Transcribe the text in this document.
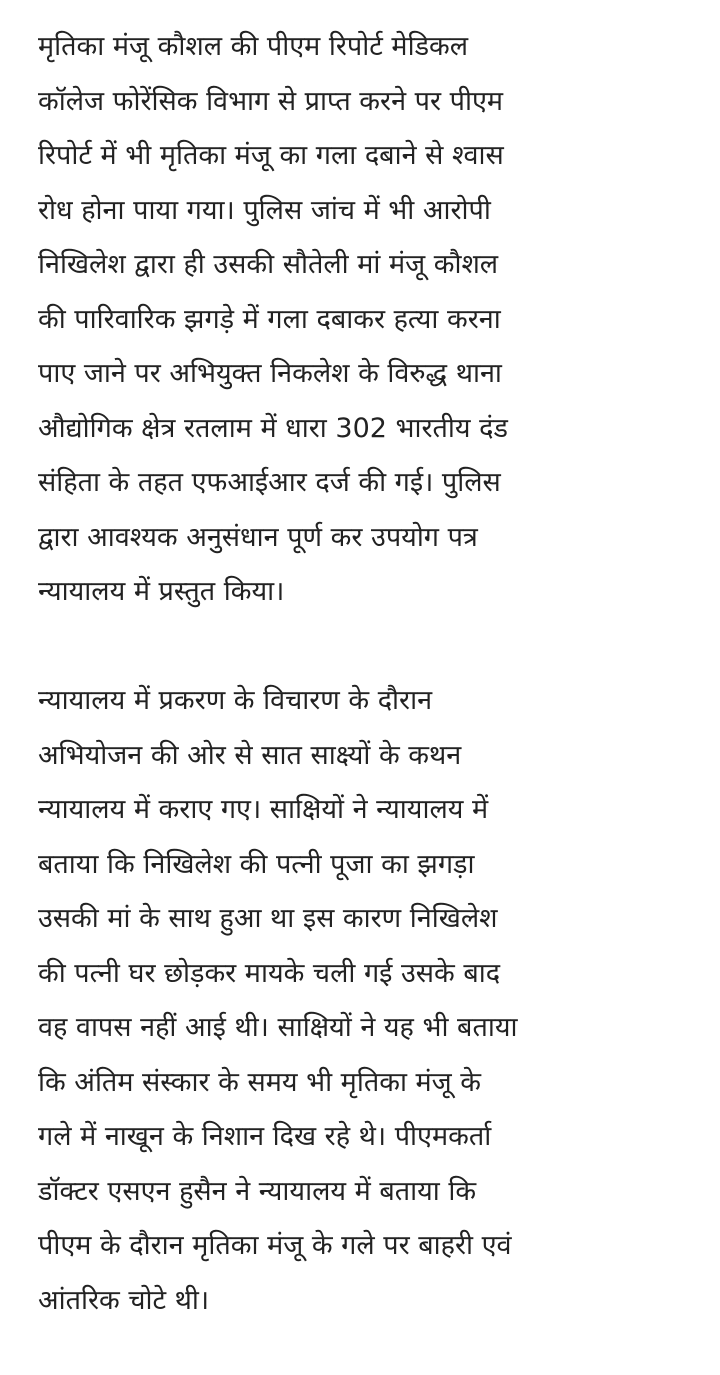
मृतिका मंजू कौशल की पीएम रिपोर्ट मेडिकल
कॉलेज फोरेंसिक विभाग से प्राप्त करने पर पीएम
रिपोर्ट में भी मृतिका मंजू का गला दबाने से श्वास
रोध होना पाया गया। पुलिस जांच में भी आरोपी
निखिलेश द्वारा ही उसकी सौतेली मां मंजू कौशल
की पारिवारिक झगड़े में गला दबाकर हत्या करना
पाए जाने पर अभियुक्त निकलेश के विरुद्ध थाना
औद्योगिक क्षेत्र रतलाम में धारा 302 भारतीय दंड
संहिता के तहत एफआईआर दर्ज की गई। पुलिस
द्वारा आवश्यक अनुसंधान पूर्ण कर उपयोग पत्र
न्यायालय में प्रस्तुत किया।

न्यायालय में प्रकरण के विचारण के दौरान
अभियोजन की ओर से सात साक्ष्यों के कथन
न्यायालय में कराए गए। साक्षियों ने न्यायालय में
बताया कि निखिलेश की पत्नी पूजा का झगड़ा
उसकी मां के साथ हुआ था इस कारण निखिलेश
की पत्नी घर छोड़कर मायके चली गई उसके बाद
वह वापस नहीं आई थी। साक्षियों ने यह भी बताया
कि अंतिम संस्कार के समय भी मृतिका मंजू के
गले में नाखून के निशान दिख रहे थे। पीएमकर्ता
डॉक्टर एसएन हुसैन ने न्यायालय में बताया कि
पीएम के दौरान मृतिका मंजू के गले पर बाहरी एवं
आंतरिक चोटे थी।
